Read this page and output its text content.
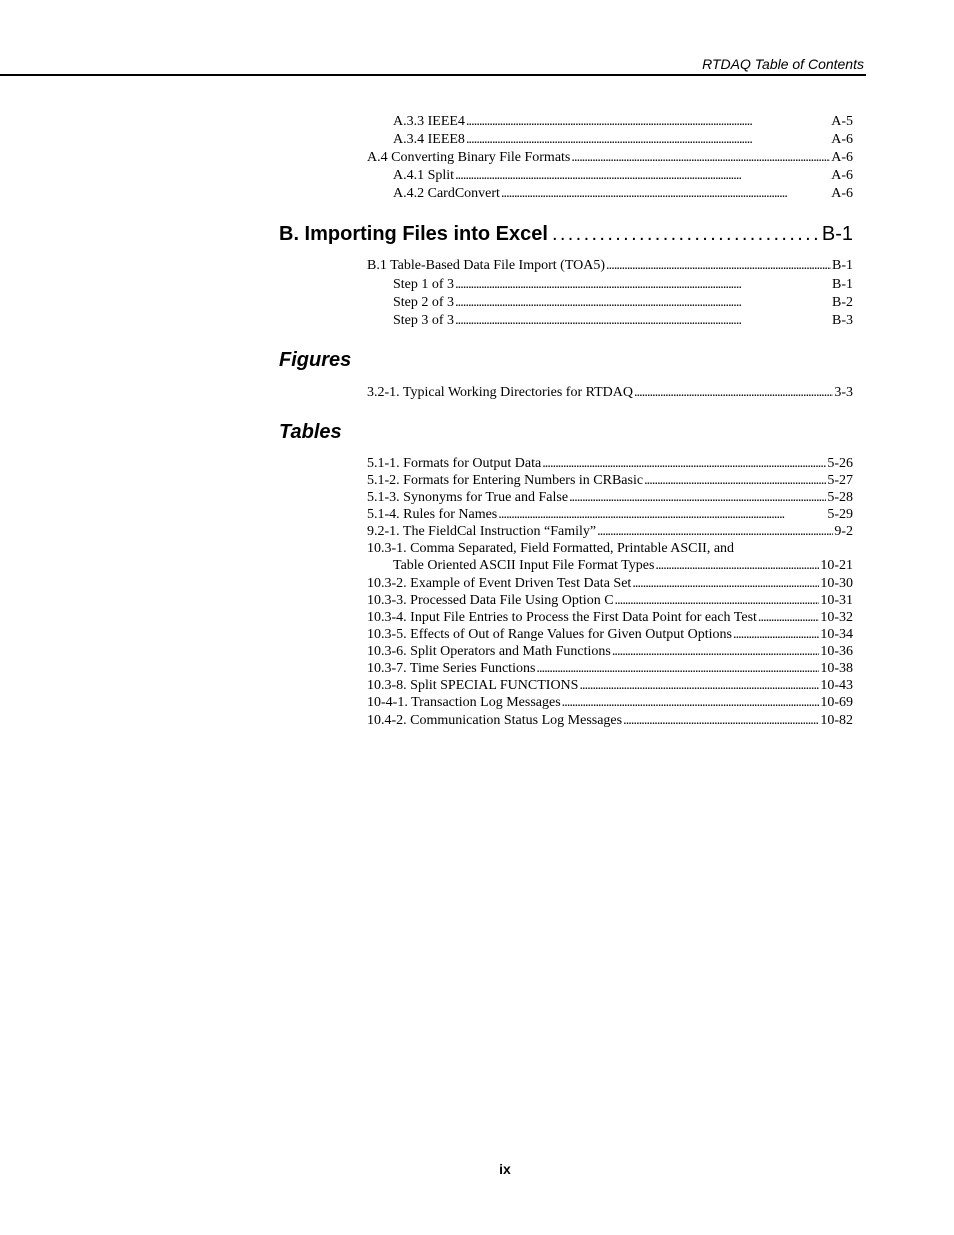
RTDAQ Table of Contents
A.3.3 IEEE4 . . .	A-5
A.3.4 IEEE8 . . .	A-6
A.4 Converting Binary File Formats . . .	A-6
A.4.1 Split . . .	A-6
A.4.2 CardConvert . . .	A-6
B. Importing Files into Excel . . .	B-1
B.1 Table-Based Data File Import (TOA5) . . .	B-1
Step 1 of 3 . . .	B-1
Step 2 of 3 . . .	B-2
Step 3 of 3 . . .	B-3
Figures
3.2-1. Typical Working Directories for RTDAQ . . .	3-3
Tables
5.1-1. Formats for Output Data . . .	5-26
5.1-2. Formats for Entering Numbers in CRBasic . . .	5-27
5.1-3. Synonyms for True and False . . .	5-28
5.1-4. Rules for Names . . .	5-29
9.2-1. The FieldCal Instruction “Family” . . .	9-2
10.3-1. Comma Separated, Field Formatted, Printable ASCII, and
Table Oriented ASCII Input File Format Types . . .	10-21
10.3-2. Example of Event Driven Test Data Set . . .	10-30
10.3-3. Processed Data File Using Option C . . .	10-31
10.3-4. Input File Entries to Process the First Data Point for each Test . . .	10-32
10.3-5. Effects of Out of Range Values for Given Output Options . . .	10-34
10.3-6. Split Operators and Math Functions . . .	10-36
10.3-7. Time Series Functions . . .	10-38
10.3-8. Split SPECIAL FUNCTIONS . . .	10-43
10-4-1. Transaction Log Messages . . .	10-69
10.4-2. Communication Status Log Messages . . .	10-82
ix
